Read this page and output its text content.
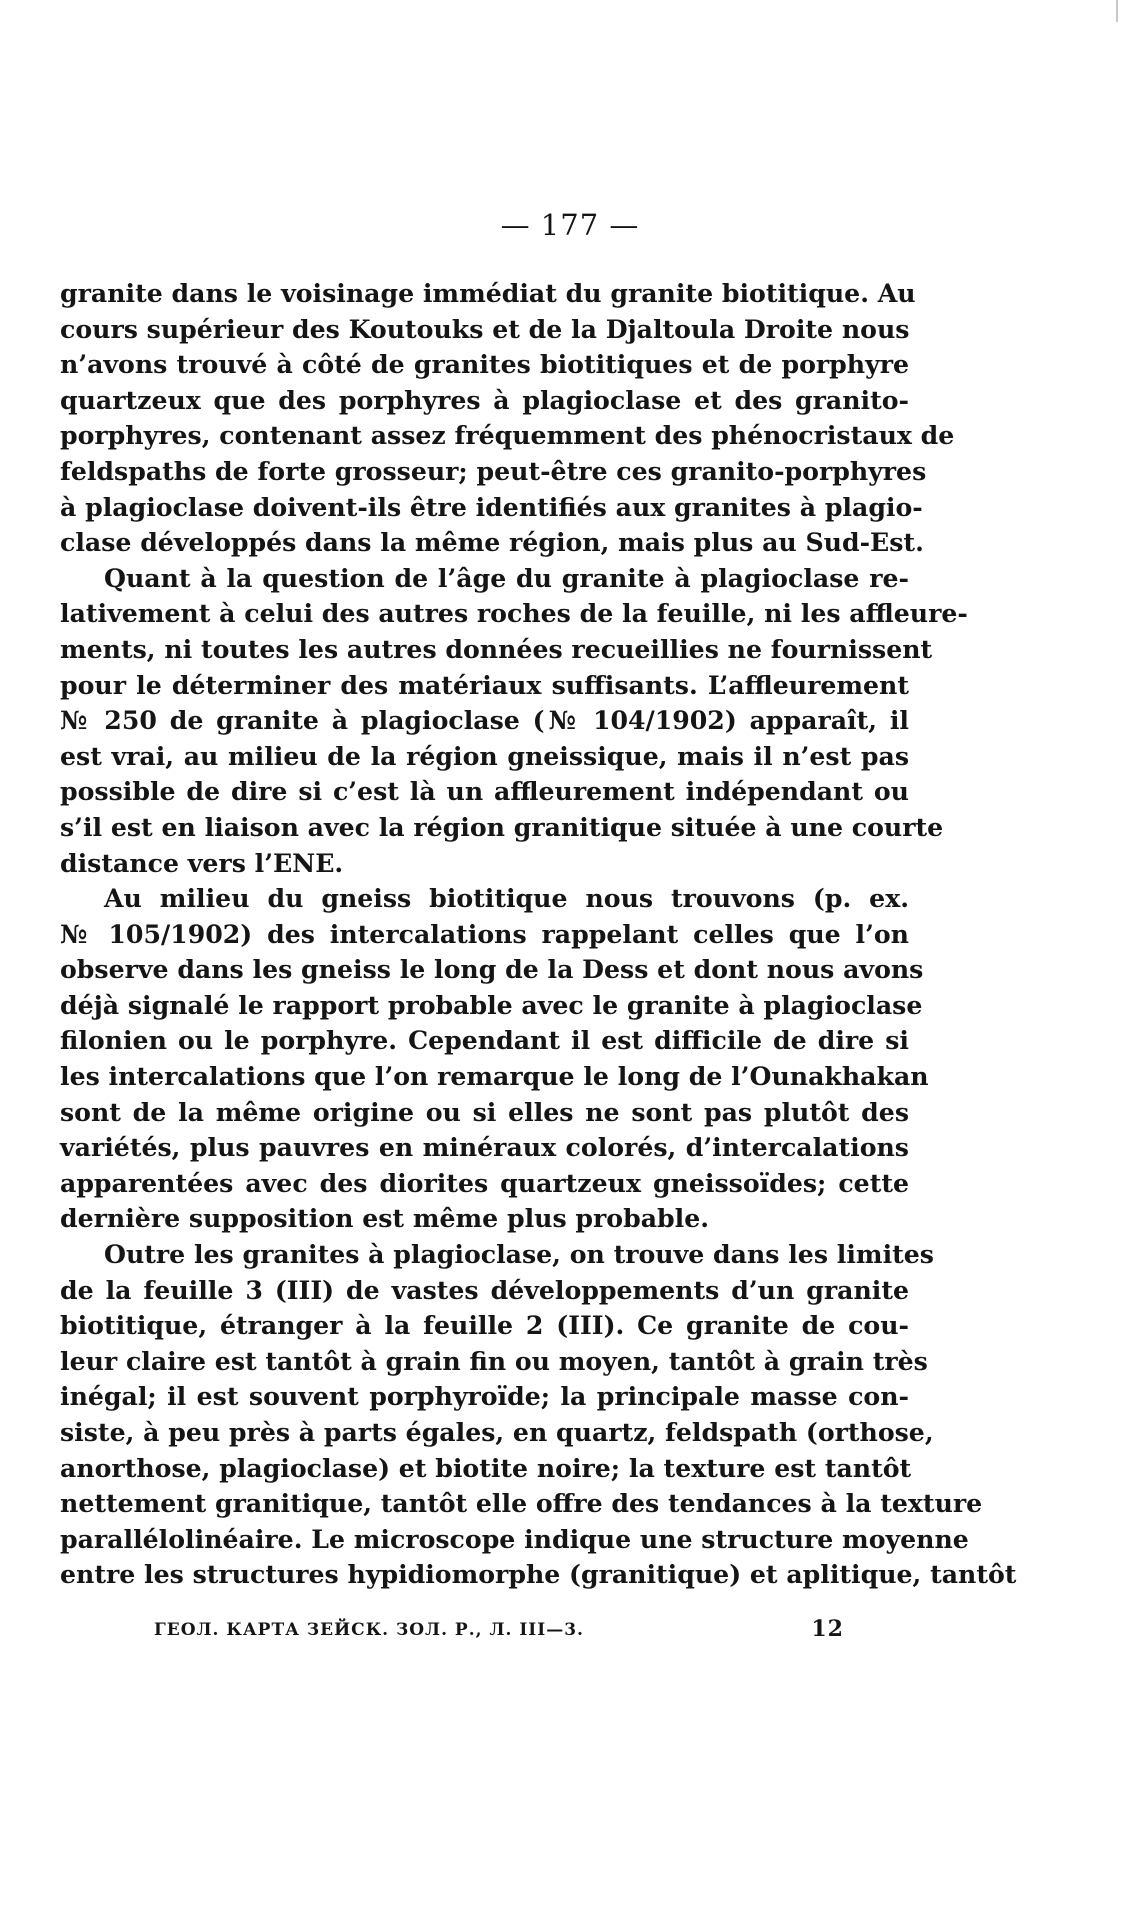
— 177 —
granite dans le voisinage immédiat du granite biotitique. Au
cours supérieur des Koutouks et de la Djaltoula Droite nous
n’avons trouvé à côté de granites biotitiques et de porphyre
quartzeux que des porphyres à plagioclase et des granito-
porphyres, contenant assez fréquemment des phénocristaux de
feldspaths de forte grosseur; peut-être ces granito-porphyres
à plagioclase doivent-ils être identifiés aux granites à plagio-
clase développés dans la même région, mais plus au Sud-Est.
Quant à la question de l’âge du granite à plagioclase re-
lativement à celui des autres roches de la feuille, ni les affleure-
ments, ni toutes les autres données recueillies ne fournissent
pour le déterminer des matériaux suffisants. L’affleurement
№ 250 de granite à plagioclase (№ 104/1902) apparaît, il
est vrai, au milieu de la région gneissique, mais il n’est pas
possible de dire si c’est là un affleurement indépendant ou
s’il est en liaison avec la région granitique située à une courte
distance vers l’ENE.
Au milieu du gneiss biotitique nous trouvons (p. ex.
№ 105/1902) des intercalations rappelant celles que l’on
observe dans les gneiss le long de la Dess et dont nous avons
déjà signalé le rapport probable avec le granite à plagioclase
filonien ou le porphyre. Cependant il est difficile de dire si
les intercalations que l’on remarque le long de l’Ounakhakan
sont de la même origine ou si elles ne sont pas plutôt des
variétés, plus pauvres en minéraux colorés, d’intercalations
apparentées avec des diorites quartzeux gneissoïdes; cette
dernière supposition est même plus probable.
Outre les granites à plagioclase, on trouve dans les limites
de la feuille 3 (III) de vastes développements d’un granite
biotitique, étranger à la feuille 2 (III). Ce granite de cou-
leur claire est tantôt à grain fin ou moyen, tantôt à grain très
inégal; il est souvent porphyroïde; la principale masse con-
siste, à peu près à parts égales, en quartz, feldspath (orthose,
anorthose, plagioclase) et biotite noire; la texture est tantôt
nettement granitique, tantôt elle offre des tendances à la texture
parallélolinéaire. Le microscope indique une structure moyenne
entre les structures hypidiomorphe (granitique) et aplitique, tantôt
ГЕОЛ. КАРТА ЗЕЙСК. ЗОЛ. Р., Л. III—3.	12
